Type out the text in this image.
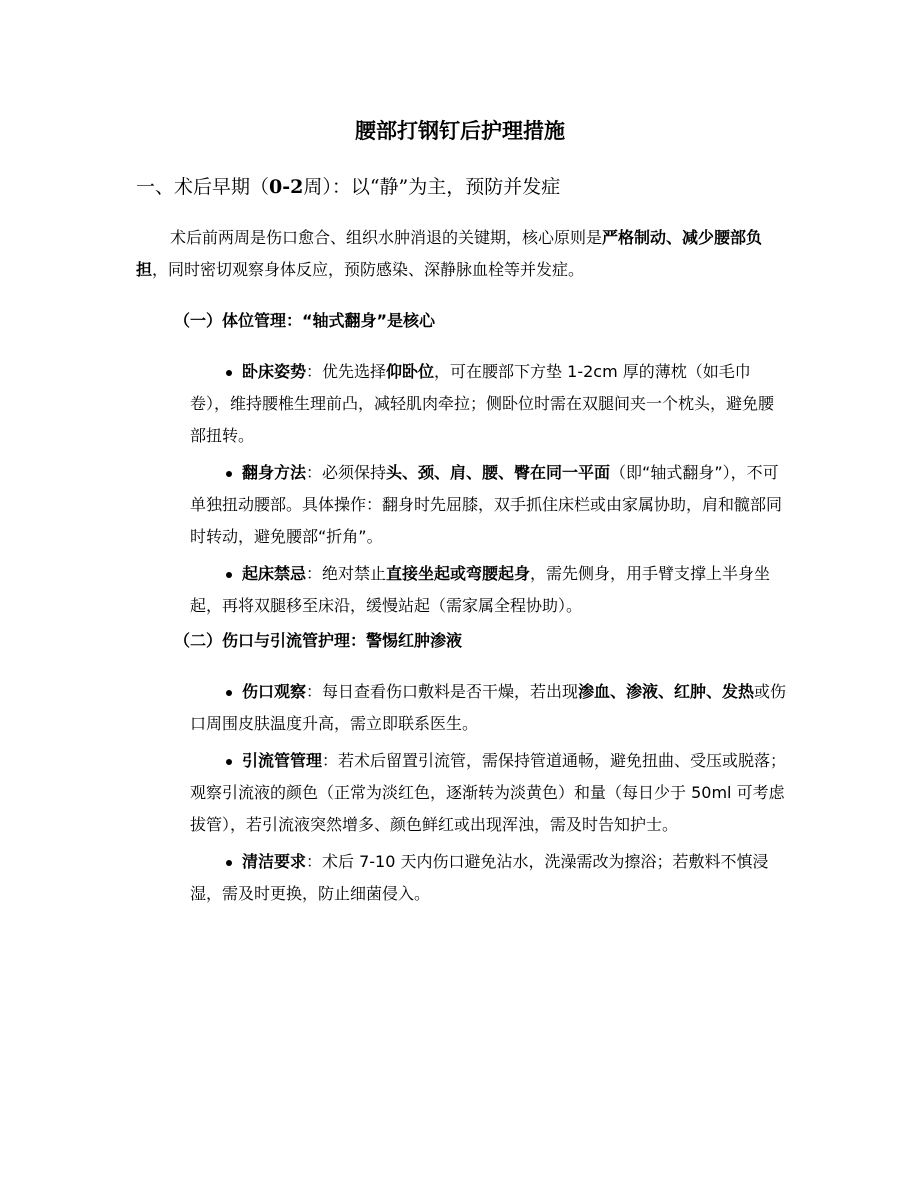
腰部打钢钉后护理措施
一、术后早期（0-2周）：以“静”为主，预防并发症

术后前两周是伤口愈合、组织水肿消退的关键期，核心原则是严格制动、减少腰部负担，同时密切观察身体反应，预防感染、深静脉血栓等并发症。

（一）体位管理：“轴式翻身”是核心
卧床姿势：优先选择仰卧位，可在腰部下方垫 1-2cm 厚的薄枕（如毛巾卷），维持腰椎生理前凸，减轻肌肉牵拉；侧卧位时需在双腿间夹一个枕头，避免腰部扭转。
翻身方法：必须保持头、颈、肩、腰、臀在同一平面（即“轴式翻身”），不可单独扭动腰部。具体操作：翻身时先屈膝，双手抓住床栏或由家属协助，肩和髋部同时转动，避免腰部“折角”。
起床禁忌：绝对禁止直接坐起或弯腰起身，需先侧身，用手臂支撑上半身坐起，再将双腿移至床沿，缓慢站起（需家属全程协助）。
（二）伤口与引流管护理：警惕红肿渗液
伤口观察：每日查看伤口敷料是否干燥，若出现渗血、渗液、红肿、发热或伤口周围皮肤温度升高，需立即联系医生。
引流管管理：若术后留置引流管，需保持管道通畅，避免扭曲、受压或脱落；观察引流液的颜色（正常为淡红色，逐渐转为淡黄色）和量（每日少于 50ml 可考虑拔管），若引流液突然增多、颜色鲜红或出现浑浊，需及时告知护士。
清洁要求：术后 7-10 天内伤口避免沾水，洗澡需改为擦浴；若敷料不慎浸湿，需及时更换，防止细菌侵入。
